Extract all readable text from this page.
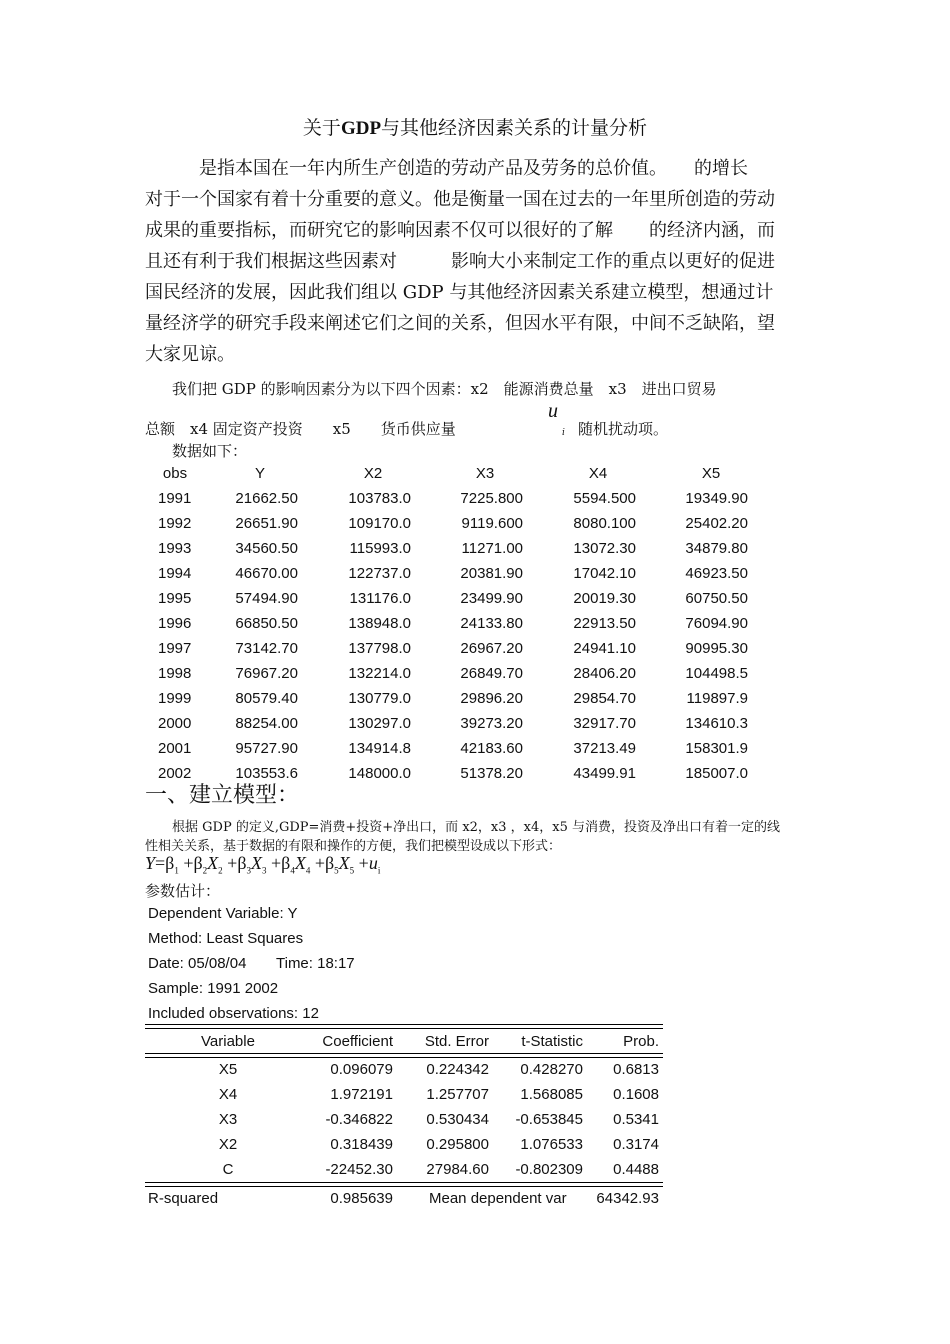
关于GDP与其他经济因素关系的计量分析
　　　是指本国在一年内所生产创造的劳动产品及劳务的总价值。　　的增长
对于一个国家有着十分重要的意义。他是衡量一国在过去的一年里所创造的劳动
成果的重要指标，而研究它的影响因素不仅可以很好的了解　　的经济内涵，而
且还有利于我们根据这些因素对　　　影响大小来制定工作的重点以更好的促进
国民经济的发展，因此我们组以 GDP 与其他经济因素关系建立模型，想通过计
量经济学的研究手段来阐述它们之间的关系，但因水平有限，中间不乏缺陷，望
大家见谅。
我们把 GDP 的影响因素分为以下四个因素：x2　能源消费总量　x3　进出口贸易
总额　x4 固定资产投资　　x5　　货币供应量
u
i 随机扰动项。
数据如下：
obs	Y	X2	X3	X4	X5
1991	21662.50	103783.0	7225.800	5594.500	19349.90
1992	26651.90	109170.0	9119.600	8080.100	25402.20
1993	34560.50	115993.0	11271.00	13072.30	34879.80
1994	46670.00	122737.0	20381.90	17042.10	46923.50
1995	57494.90	131176.0	23499.90	20019.30	60750.50
1996	66850.50	138948.0	24133.80	22913.50	76094.90
1997	73142.70	137798.0	26967.20	24941.10	90995.30
1998	76967.20	132214.0	26849.70	28406.20	104498.5
1999	80579.40	130779.0	29896.20	29854.70	119897.9
2000	88254.00	130297.0	39273.20	32917.70	134610.3
2001	95727.90	134914.8	42183.60	37213.49	158301.9
2002	103553.6	148000.0	51378.20	43499.91	185007.0
一、建立模型：
根据 GDP 的定义,GDP=消费+投资+净出口，而 x2，x3 ，x4，x5 与消费，投资及净出口有着一定的线
性相关关系，基于数据的有限和操作的方便，我们把模型设成以下形式：
$Y=\beta_1 +\beta_2X_2 +\beta_3X_3 +\beta_4X_4 +\beta_5X_5 +u_i$
参数估计：
Dependent Variable: Y
Method: Least Squares
Date: 05/08/04 Time: 18:17
Sample: 1991 2002
Included observations: 12
Variable	Coefficient	Std. Error	t-Statistic	Prob.
X5	0.096079	0.224342	0.428270	0.6813
X4	1.972191	1.257707	1.568085	0.1608
X3	-0.346822	0.530434	-0.653845	0.5341
X2	0.318439	0.295800	1.076533	0.3174
C	-22452.30	27984.60	-0.802309	0.4488
R-squared	0.985639 Mean dependent var	64342.93
